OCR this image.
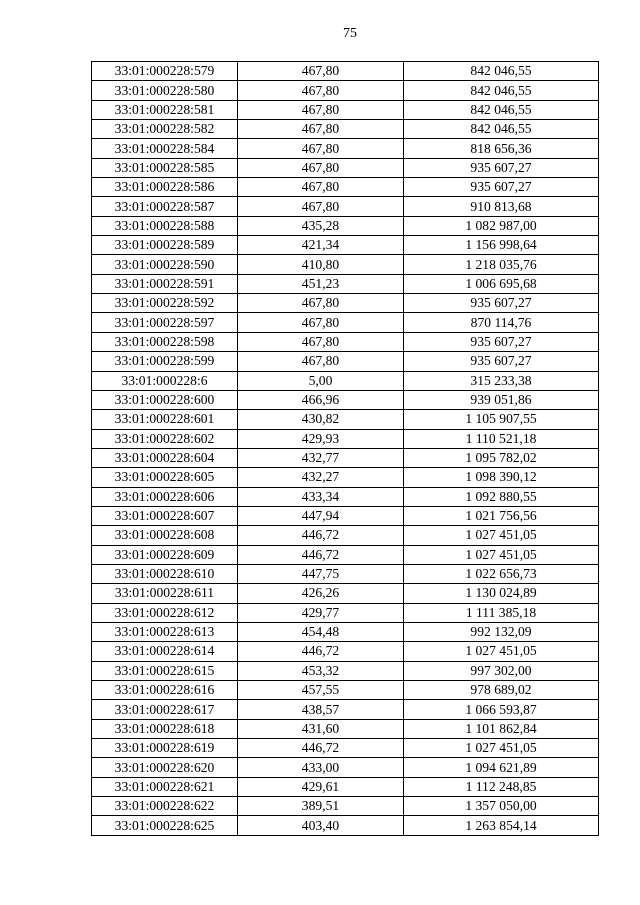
75
33:01:000228:579	467,80	842 046,55
33:01:000228:580	467,80	842 046,55
33:01:000228:581	467,80	842 046,55
33:01:000228:582	467,80	842 046,55
33:01:000228:584	467,80	818 656,36
33:01:000228:585	467,80	935 607,27
33:01:000228:586	467,80	935 607,27
33:01:000228:587	467,80	910 813,68
33:01:000228:588	435,28	1 082 987,00
33:01:000228:589	421,34	1 156 998,64
33:01:000228:590	410,80	1 218 035,76
33:01:000228:591	451,23	1 006 695,68
33:01:000228:592	467,80	935 607,27
33:01:000228:597	467,80	870 114,76
33:01:000228:598	467,80	935 607,27
33:01:000228:599	467,80	935 607,27
33:01:000228:6	5,00	315 233,38
33:01:000228:600	466,96	939 051,86
33:01:000228:601	430,82	1 105 907,55
33:01:000228:602	429,93	1 110 521,18
33:01:000228:604	432,77	1 095 782,02
33:01:000228:605	432,27	1 098 390,12
33:01:000228:606	433,34	1 092 880,55
33:01:000228:607	447,94	1 021 756,56
33:01:000228:608	446,72	1 027 451,05
33:01:000228:609	446,72	1 027 451,05
33:01:000228:610	447,75	1 022 656,73
33:01:000228:611	426,26	1 130 024,89
33:01:000228:612	429,77	1 111 385,18
33:01:000228:613	454,48	992 132,09
33:01:000228:614	446,72	1 027 451,05
33:01:000228:615	453,32	997 302,00
33:01:000228:616	457,55	978 689,02
33:01:000228:617	438,57	1 066 593,87
33:01:000228:618	431,60	1 101 862,84
33:01:000228:619	446,72	1 027 451,05
33:01:000228:620	433,00	1 094 621,89
33:01:000228:621	429,61	1 112 248,85
33:01:000228:622	389,51	1 357 050,00
33:01:000228:625	403,40	1 263 854,14
